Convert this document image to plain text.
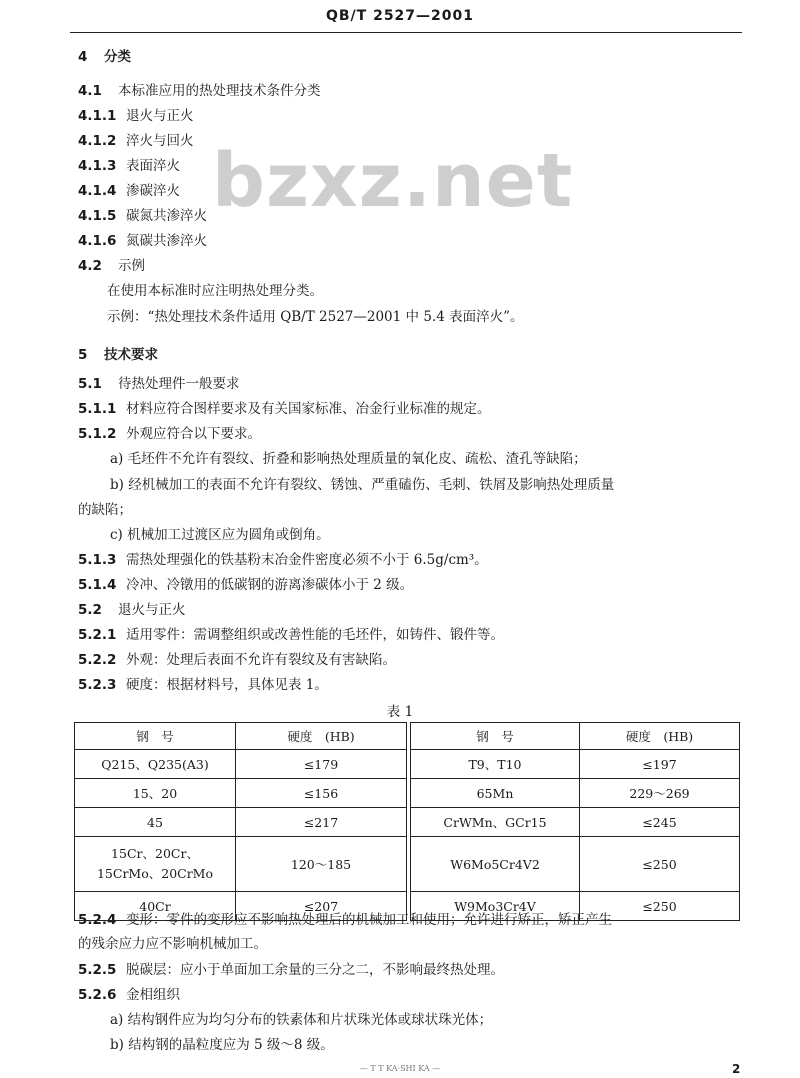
QB/T 2527—2001
bzxz.net
4 分类
4.1 本标准应用的热处理技术条件分类
4.1.1 退火与正火
4.1.2 淬火与回火
4.1.3 表面淬火
4.1.4 渗碳淬火
4.1.5 碳氮共渗淬火
4.1.6 氮碳共渗淬火
4.2 示例
在使用本标准时应注明热处理分类。
示例：“热处理技术条件适用 QB/T 2527—2001 中 5.4 表面淬火”。
5 技术要求
5.1 待热处理件一般要求
5.1.1 材料应符合图样要求及有关国家标准、冶金行业标准的规定。
5.1.2 外观应符合以下要求。
a) 毛坯件不允许有裂纹、折叠和影响热处理质量的氧化皮、疏松、渣孔等缺陷；
b) 经机械加工的表面不允许有裂纹、锈蚀、严重磕伤、毛刺、铁屑及影响热处理质量
的缺陷；
c) 机械加工过渡区应为圆角或倒角。
5.1.3 需热处理强化的铁基粉末冶金件密度必须不小于 6.5g/cm³。
5.1.4 冷冲、冷镦用的低碳钢的游离渗碳体小于 2 级。
5.2 退火与正火
5.2.1 适用零件：需调整组织或改善性能的毛坯件，如铸件、锻件等。
5.2.2 外观：处理后表面不允许有裂纹及有害缺陷。
5.2.3 硬度：根据材料号，具体见表 1。
5.2.4 变形：零件的变形应不影响热处理后的机械加工和使用；允许进行矫正，矫正产生
的残余应力应不影响机械加工。
5.2.5 脱碳层：应小于单面加工余量的三分之二，不影响最终热处理。
5.2.6 金相组织
a) 结构钢件应为均匀分布的铁素体和片状珠光体或球状珠光体；
b) 结构钢的晶粒度应为 5 级～8 级。
表 1
钢　号	硬度　(HB)		钢　号	硬度　(HB)
Q215、Q235(A3)	≤179		T9、T10	≤197
15、20	≤156		65Mn	229～269
45	≤217		CrWMn、GCr15	≤245
15Cr、20Cr、15CrMo、20CrMo	120～185		W6Mo5Cr4V2	≤250
40Cr	≤207		W9Mo3Cr4V	≤250
2
— T T KA·SHI KA —
